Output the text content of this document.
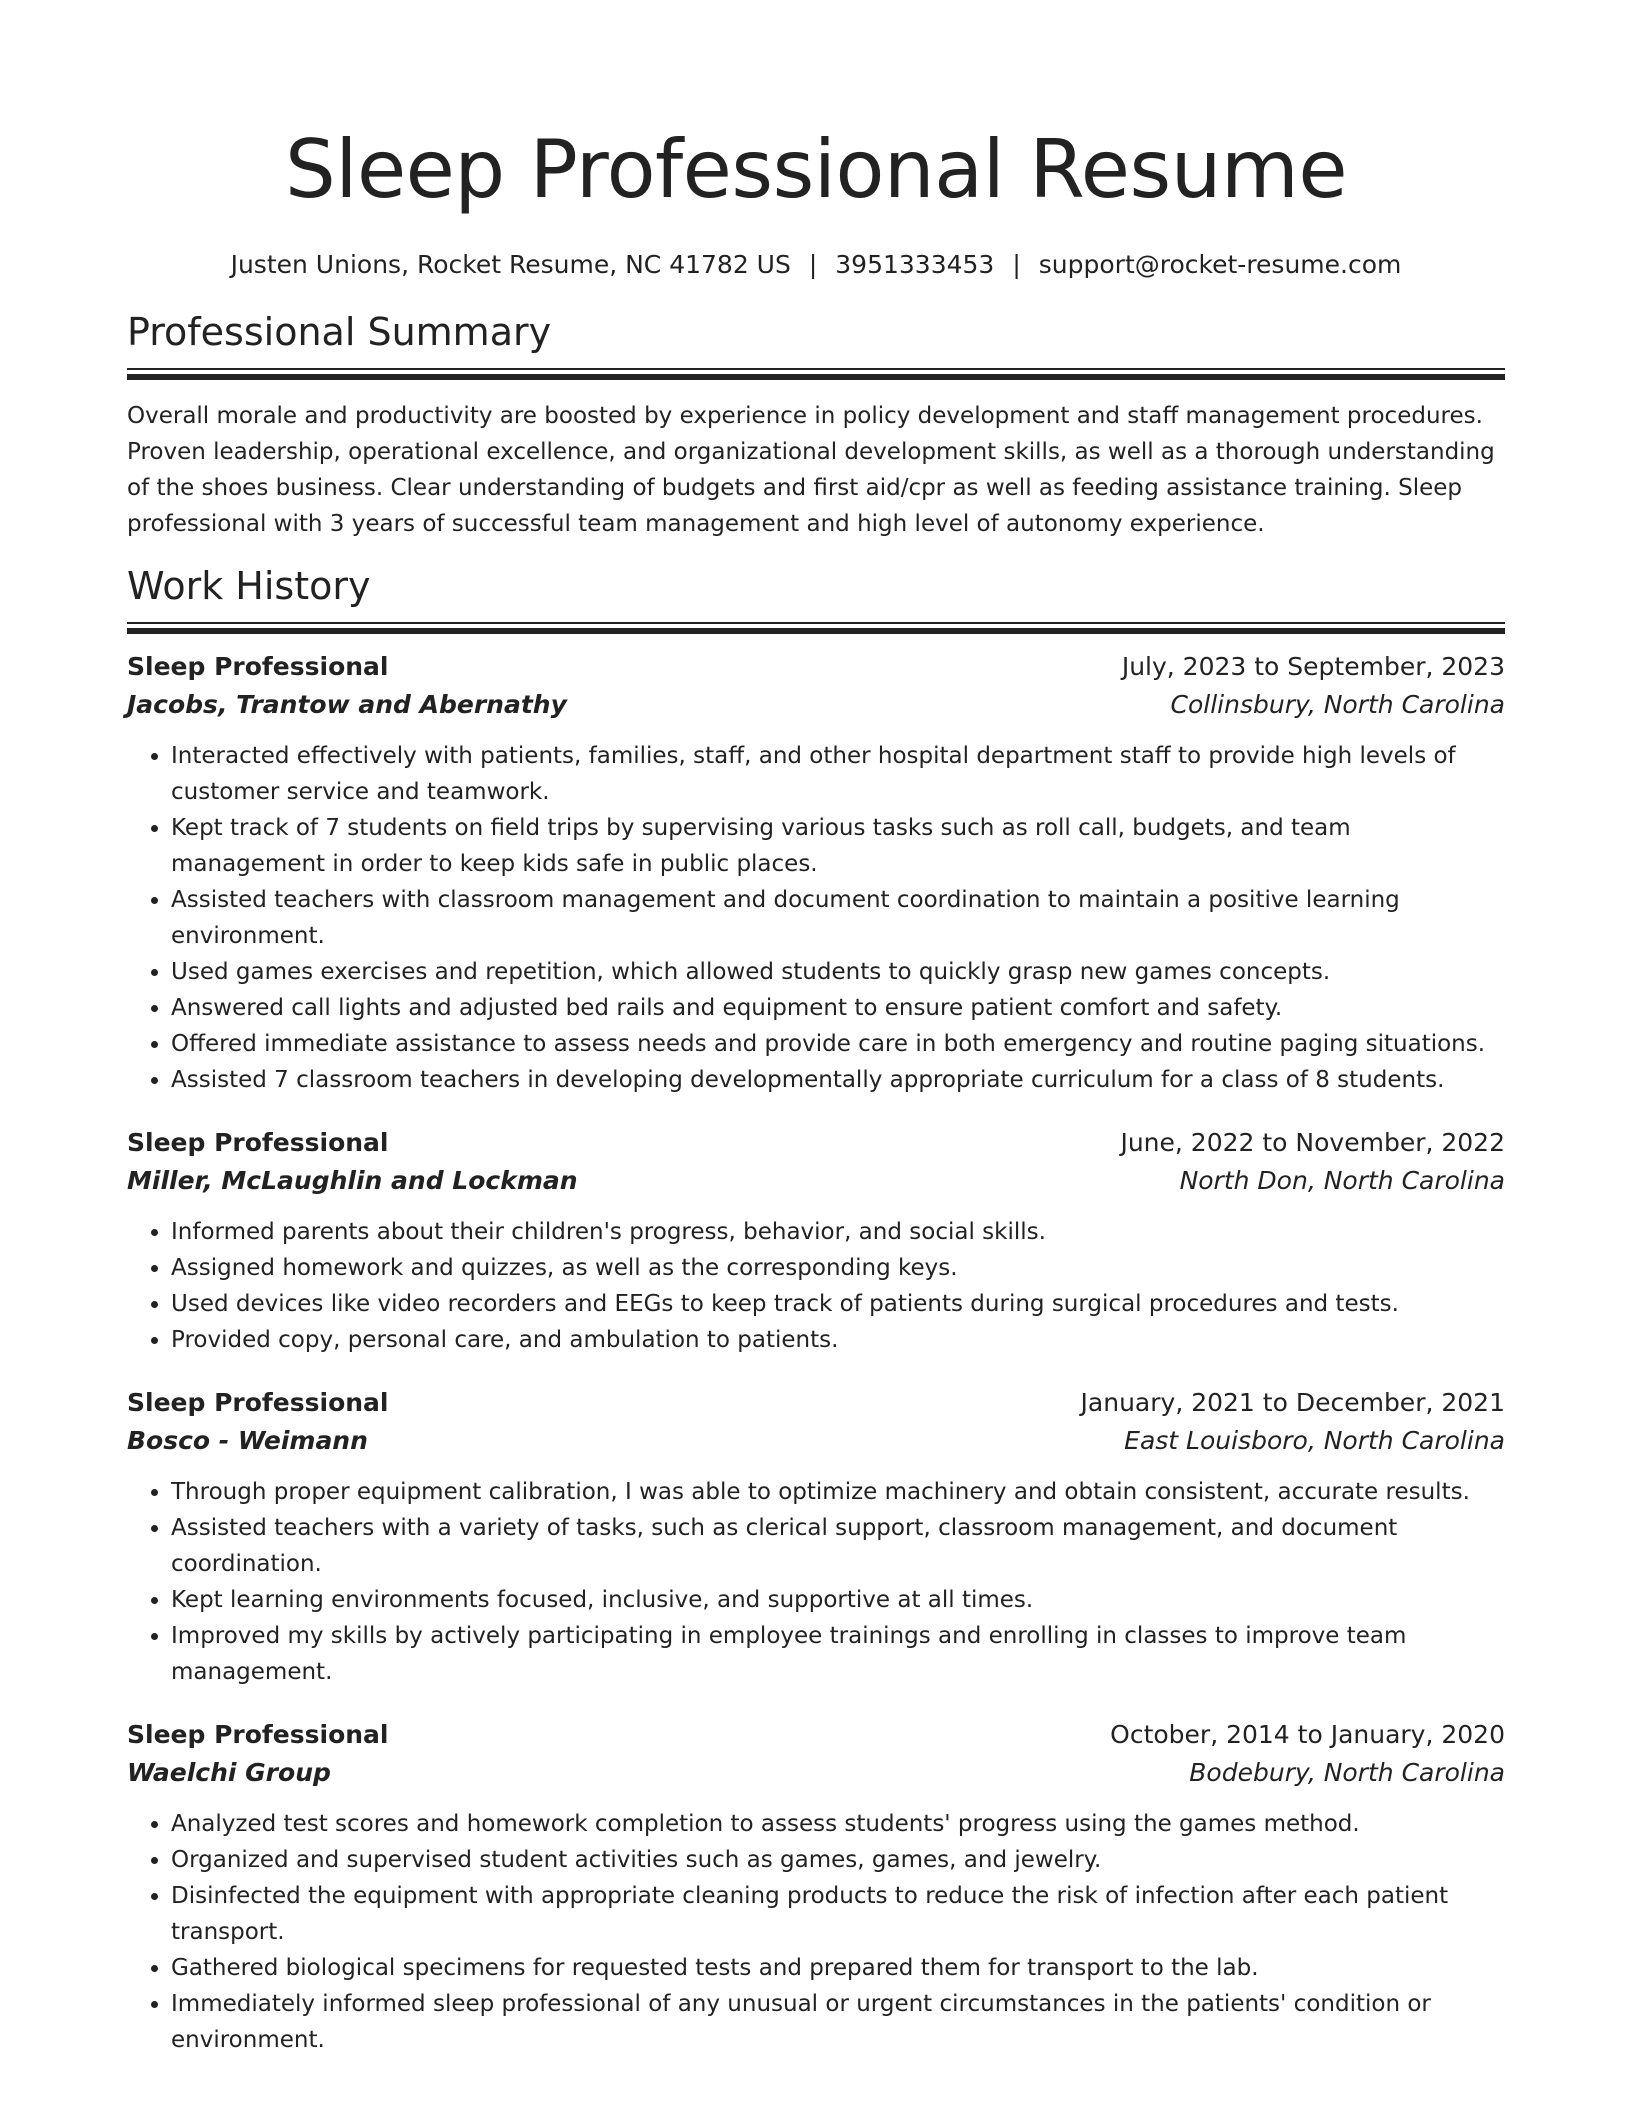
Sleep Professional Resume
Justen Unions, Rocket Resume, NC 41782 US | 3951333453 | support@rocket-resume.com
Professional Summary

Overall morale and productivity are boosted by experience in policy development and staff management procedures. Proven leadership, operational excellence, and organizational development skills, as well as a thorough understanding of the shoes business. Clear understanding of budgets and first aid/cpr as well as feeding assistance training. Sleep professional with 3 years of successful team management and high level of autonomy experience.

Work History
Sleep Professional	July, 2023 to September, 2023
Jacobs, Trantow and Abernathy	Collinsbury, North Carolina
• Interacted effectively with patients, families, staff, and other hospital department staff to provide high levels of customer service and teamwork.
• Kept track of 7 students on field trips by supervising various tasks such as roll call, budgets, and team management in order to keep kids safe in public places.
• Assisted teachers with classroom management and document coordination to maintain a positive learning environment.
• Used games exercises and repetition, which allowed students to quickly grasp new games concepts.
• Answered call lights and adjusted bed rails and equipment to ensure patient comfort and safety.
• Offered immediate assistance to assess needs and provide care in both emergency and routine paging situations.
• Assisted 7 classroom teachers in developing developmentally appropriate curriculum for a class of 8 students.
Sleep Professional	June, 2022 to November, 2022
Miller, McLaughlin and Lockman	North Don, North Carolina
• Informed parents about their children's progress, behavior, and social skills.
• Assigned homework and quizzes, as well as the corresponding keys.
• Used devices like video recorders and EEGs to keep track of patients during surgical procedures and tests.
• Provided copy, personal care, and ambulation to patients.
Sleep Professional	January, 2021 to December, 2021
Bosco - Weimann	East Louisboro, North Carolina
• Through proper equipment calibration, I was able to optimize machinery and obtain consistent, accurate results.
• Assisted teachers with a variety of tasks, such as clerical support, classroom management, and document coordination.
• Kept learning environments focused, inclusive, and supportive at all times.
• Improved my skills by actively participating in employee trainings and enrolling in classes to improve team management.
Sleep Professional	October, 2014 to January, 2020
Waelchi Group	Bodebury, North Carolina
• Analyzed test scores and homework completion to assess students' progress using the games method.
• Organized and supervised student activities such as games, games, and jewelry.
• Disinfected the equipment with appropriate cleaning products to reduce the risk of infection after each patient transport.
• Gathered biological specimens for requested tests and prepared them for transport to the lab.
• Immediately informed sleep professional of any unusual or urgent circumstances in the patients' condition or environment.
